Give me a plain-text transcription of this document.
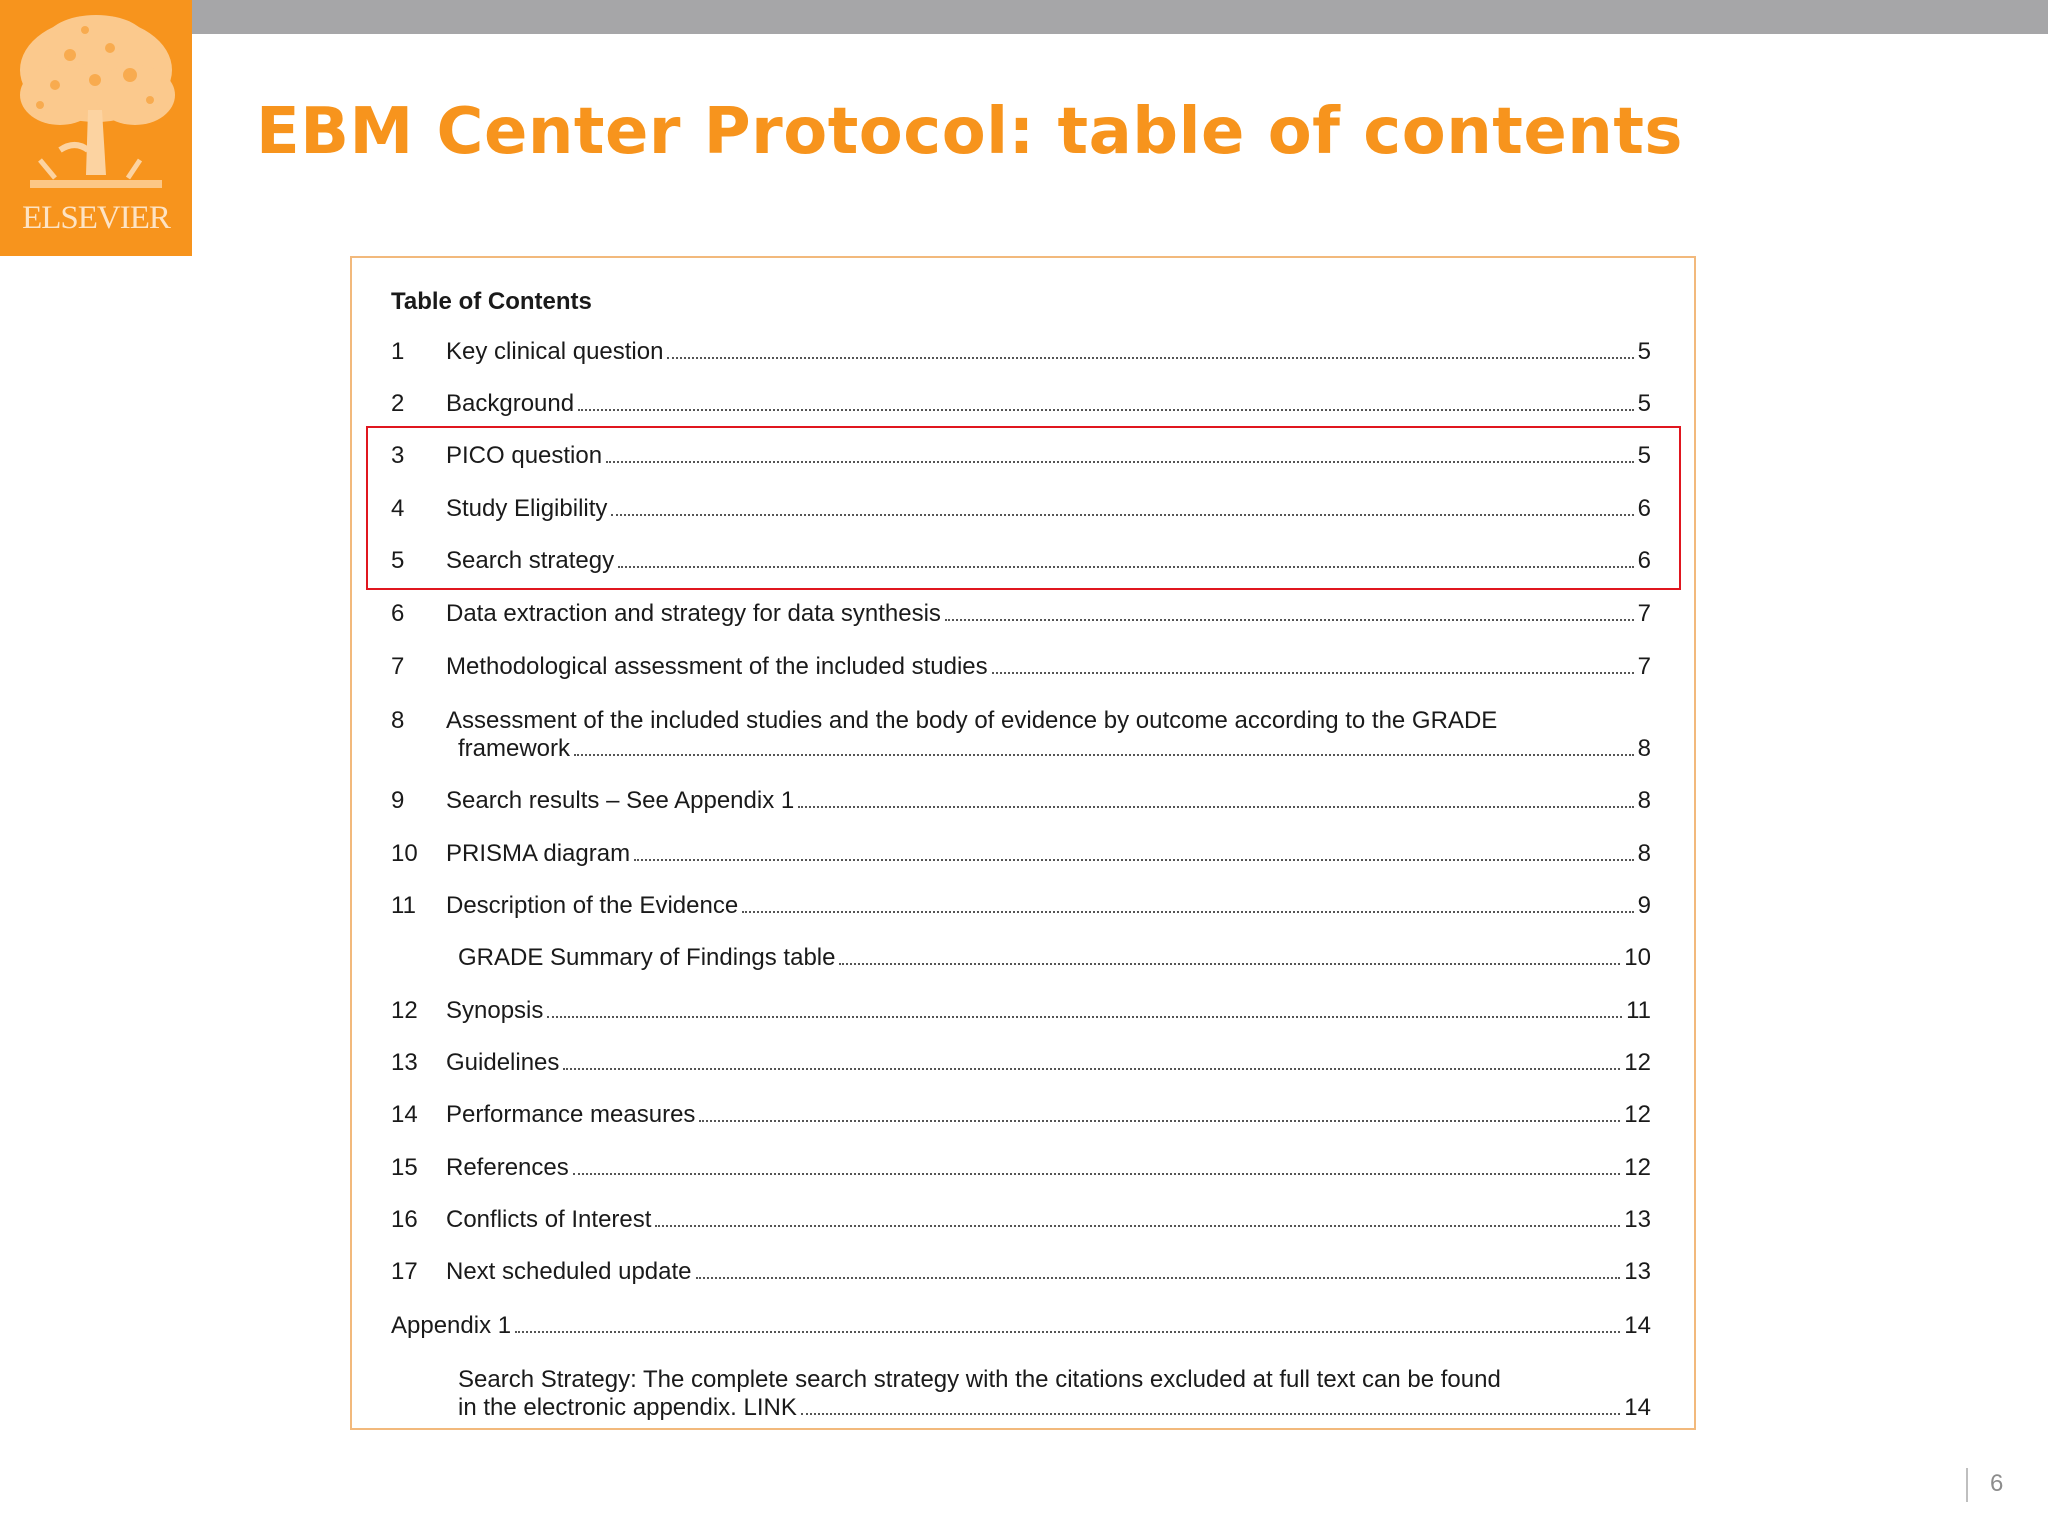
ELSEVIER
EBM Center Protocol: table of contents
Table of Contents
1	Key clinical question	5
2	Background	5
3	PICO question	5
4	Study Eligibility	6
5	Search strategy	6
6	Data extraction and strategy for data synthesis	7
7	Methodological assessment of the included studies	7
8	Assessment of the included studies and the body of evidence by outcome according to the GRADE
framework	8
9	Search results – See Appendix 1	8
10	PRISMA diagram	8
11	Description of the Evidence	9
GRADE Summary of Findings table	10
12	Synopsis	11
13	Guidelines	12
14	Performance measures	12
15	References	12
16	Conflicts of Interest	13
17	Next scheduled update	13
Appendix 1	14
Search Strategy: The complete search strategy with the citations excluded at full text can be found
in the electronic appendix. LINK	14
6
